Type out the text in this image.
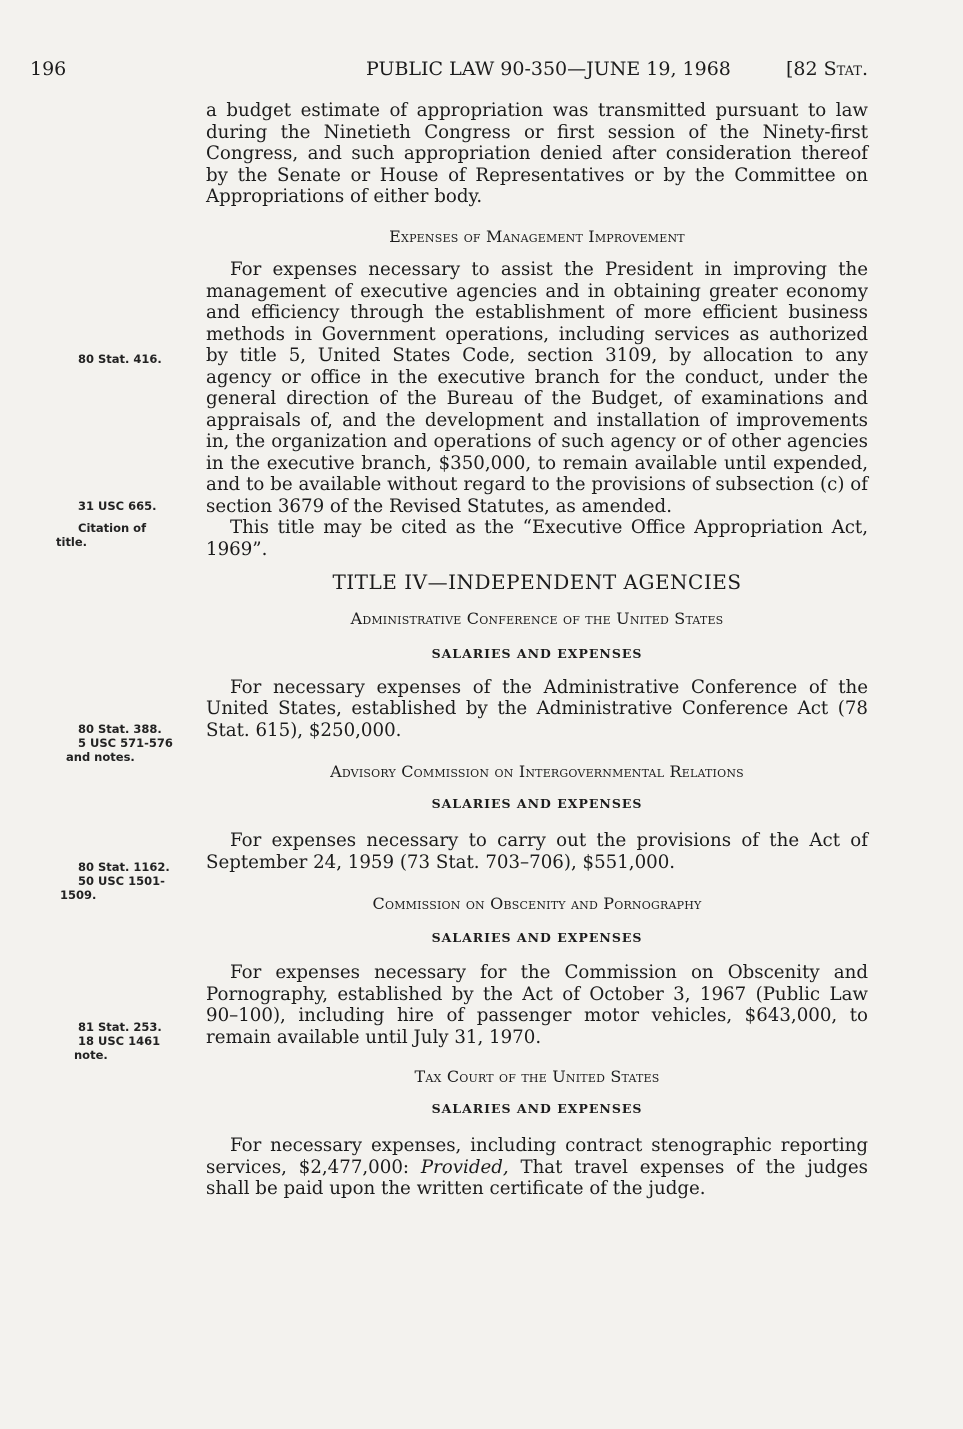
196	PUBLIC LAW 90-350—JUNE 19, 1968	[82 Stat.
80 Stat. 416.
31 USC 665.
Citation of
title.
80 Stat. 388.
5 USC 571-576
and notes.
80 Stat. 1162.
50 USC 1501-
1509.
81 Stat. 253.
18 USC 1461
note.

a budget estimate of appropriation was transmitted pursuant to law during the Ninetieth Congress or first session of the Ninety-first Congress, and such appropriation denied after consideration thereof by the Senate or House of Representatives or by the Committee on Appropriations of either body.

Expenses of Management Improvement

For expenses necessary to assist the President in improving the management of executive agencies and in obtaining greater economy and efficiency through the establishment of more efficient business methods in Government operations, including services as authorized by title 5, United States Code, section 3109, by allocation to any agency or office in the executive branch for the conduct, under the general direction of the Bureau of the Budget, of examinations and appraisals of, and the development and installation of improvements in, the organization and operations of such agency or of other agencies in the executive branch, $350,000, to remain available until expended, and to be available without regard to the provisions of subsection (c) of section 3679 of the Revised Statutes, as amended.

This title may be cited as the “Executive Office Appropriation Act, 1969”.

TITLE IV—INDEPENDENT AGENCIES

Administrative Conference of the United States

SALARIES AND EXPENSES

For necessary expenses of the Administrative Conference of the United States, established by the Administrative Conference Act (78 Stat. 615), $250,000.

Advisory Commission on Intergovernmental Relations

SALARIES AND EXPENSES

For expenses necessary to carry out the provisions of the Act of September 24, 1959 (73 Stat. 703–706), $551,000.

Commission on Obscenity and Pornography

SALARIES AND EXPENSES

For expenses necessary for the Commission on Obscenity and Pornography, established by the Act of October 3, 1967 (Public Law 90–100), including hire of passenger motor vehicles, $643,000, to remain available until July 31, 1970.

Tax Court of the United States

SALARIES AND EXPENSES

For necessary expenses, including contract stenographic reporting services, $2,477,000: Provided, That travel expenses of the judges shall be paid upon the written certificate of the judge.
